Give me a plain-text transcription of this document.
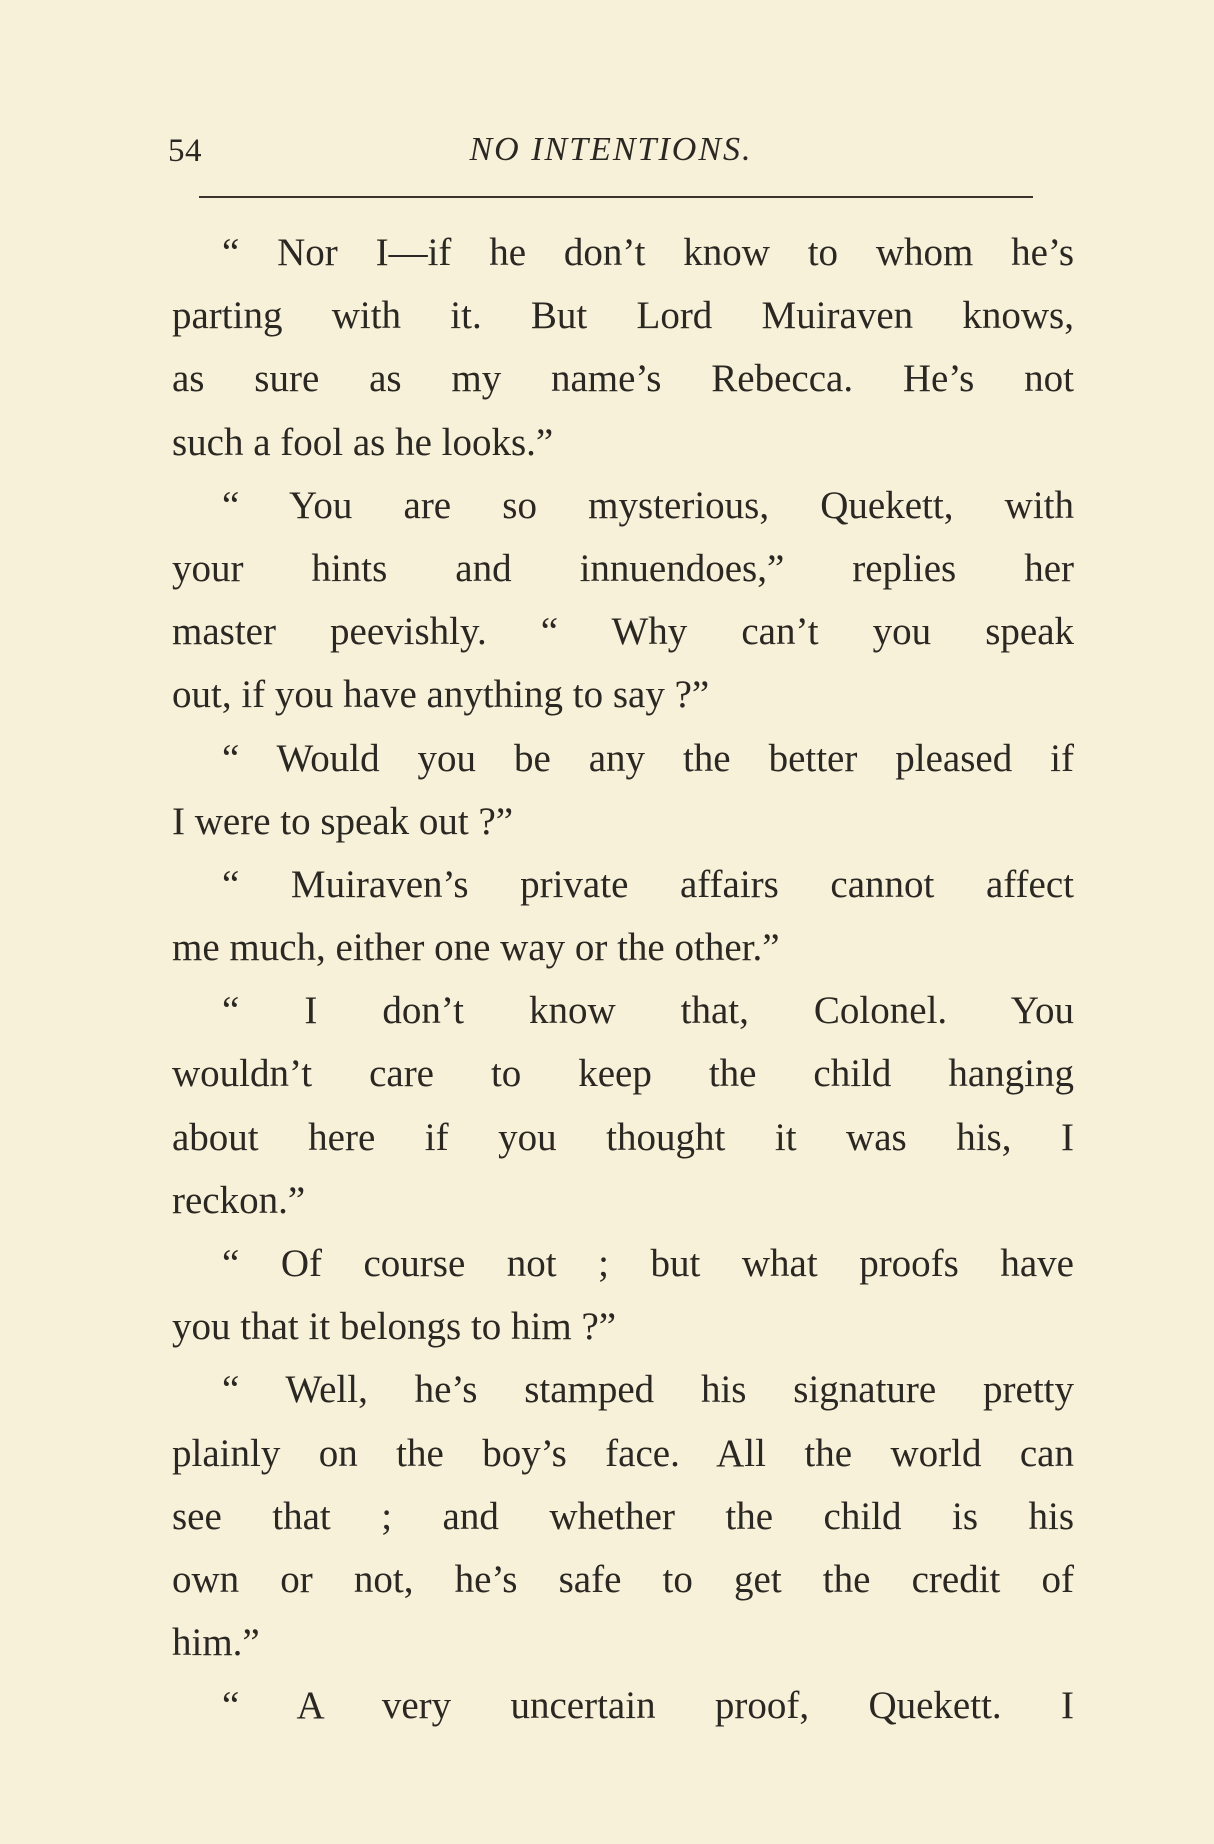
54	NO INTENTIONS.
“ Nor I—if he don’t know to whom he’s
parting with it. But Lord Muiraven knows,
as sure as my name’s Rebecca. He’s not
such a fool as he looks.”
“ You are so mysterious, Quekett, with
your hints and innuendoes,” replies her
master peevishly. “ Why can’t you speak
out, if you have anything to say ?”
“ Would you be any the better pleased if
I were to speak out ?”
“ Muiraven’s private affairs cannot affect
me much, either one way or the other.”
“ I don’t know that, Colonel. You
wouldn’t care to keep the child hanging
about here if you thought it was his, I
reckon.”
“ Of course not ; but what proofs have
you that it belongs to him ?”
“ Well, he’s stamped his signature pretty
plainly on the boy’s face. All the world can
see that ; and whether the child is his
own or not, he’s safe to get the credit of
him.”
“ A very uncertain proof, Quekett. I
